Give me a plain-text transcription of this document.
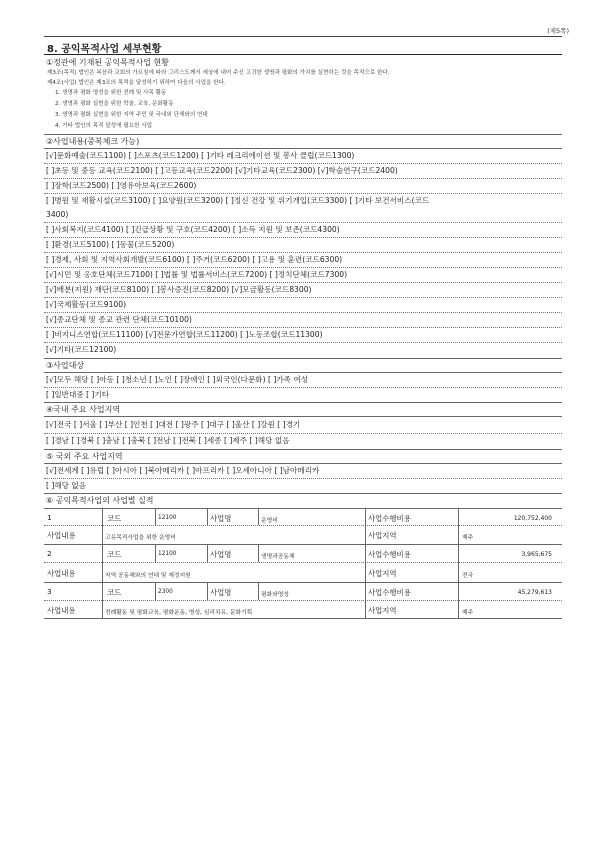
(제5쪽)
8. 공익목적사업 세부현황
①정관에 기재된 공익목적사업 현황
제3조(목적) 법인은 복음과 교회의 가르침에 따라 그리스도께서 세상에 내어 주신 고귀한 생명과 평화의 가치를 실현하는 것을 목적으로 한다.
제4조(사업) 법인은 제3조의 목적을 달성하기 위하여 다음의 사업을 한다.
1. 생명과 평화 영성을 위한 전례 및 사목 활동
2. 생명과 평화 실현을 위한 학술, 교육, 문화활동
3. 생명과 평화 실현을 위한 지역 주민 및 국내외 단체와의 연대
4. 기타 법인의 목적 달성에 필요한 사업
②사업내용(중복체크 가능)
[√]문화예술(코드1100) [ ]스포츠(코드1200) [ ]기타 레크리에이션 및 봉사 클럽(코드1300)
[ ]초등 및 중등 교육(코드2100) [ ]고등교육(코드2200) [√]기타교육(코드2300) [√]학술연구(코드2400)
[ ]장학(코드2500) [ ]영유아보육(코드2600)
[ ]병원 및 재활시설(코드3100) [ ]요양원(코드3200) [ ]정신 건강 및 위기개입(코드3300) [ ]기타 보건서비스(코드
3400)
[ ]사회복지(코드4100) [ ]긴급상황 및 구호(코드4200) [ ]소득 지원 및 보존(코드4300)
[ ]환경(코드5100) [ ]동물(코드5200)
[ ]경제, 사회 및 지역사회개발(코드6100) [ ]주거(코드6200) [ ]고용 및 훈련(코드6300)
[√]시민 및 옹호단체(코드7100) [ ]법률 및 법률서비스(코드7200) [ ]정치단체(코드7300)
[√]배분(지원) 재단(코드8100) [ ]봉사증진(코드8200) [√]모금활동(코드8300)
[√]국제활동(코드9100)
[√]종교단체 및 종교 관련 단체(코드10100)
[ ]비지니스연합(코드11100) [√]전문가연합(코드11200) [ ]노동조합(코드11300)
[√]기타(코드12100)
③사업대상
[√]모두 해당 [ ]아동 [ ]청소년 [ ]노인 [ ]장애인 [ ]외국인(다문화) [ ]가족 여성
[ ]일반대중 [ ]기타
④국내 주요 사업지역
[√]전국 [ ]서울 [ ]부산 [ ]인천 [ ]대전 [ ]광주 [ ]대구 [ ]울산 [ ]강원 [ ]경기
[ ]경남 [ ]경북 [ ]충남 [ ]충북 [ ]전남 [ ]전북 [ ]세종 [ ]제주 [ ]해당 없음
⑤ 국외 주요 사업지역
[√]전세계 [ ]유럽 [ ]아시아 [ ]북아메리카 [ ]아프리카 [ ]오세아니아 [ ]남아메리카
[ ]해당 없음
⑥ 공익목적사업의 사업별 실적
1	코드	12100	사업명	운영비	사업수행비용	120,752,400
사업내용	고유목적사업을 위한 운영비	사업지역	제주
2	코드	12100	사업명	생명과공동체	사업수행비용	3,965,675
사업내용	지역 공동체와의 연대 및 재정지원	사업지역	전국
3	코드	2300	사업명	평화와영성	사업수행비용	45,279,613
사업내용	전례활동 및 평화교육, 평화운동, 영성, 심리치유, 문화기획	사업지역	제주
